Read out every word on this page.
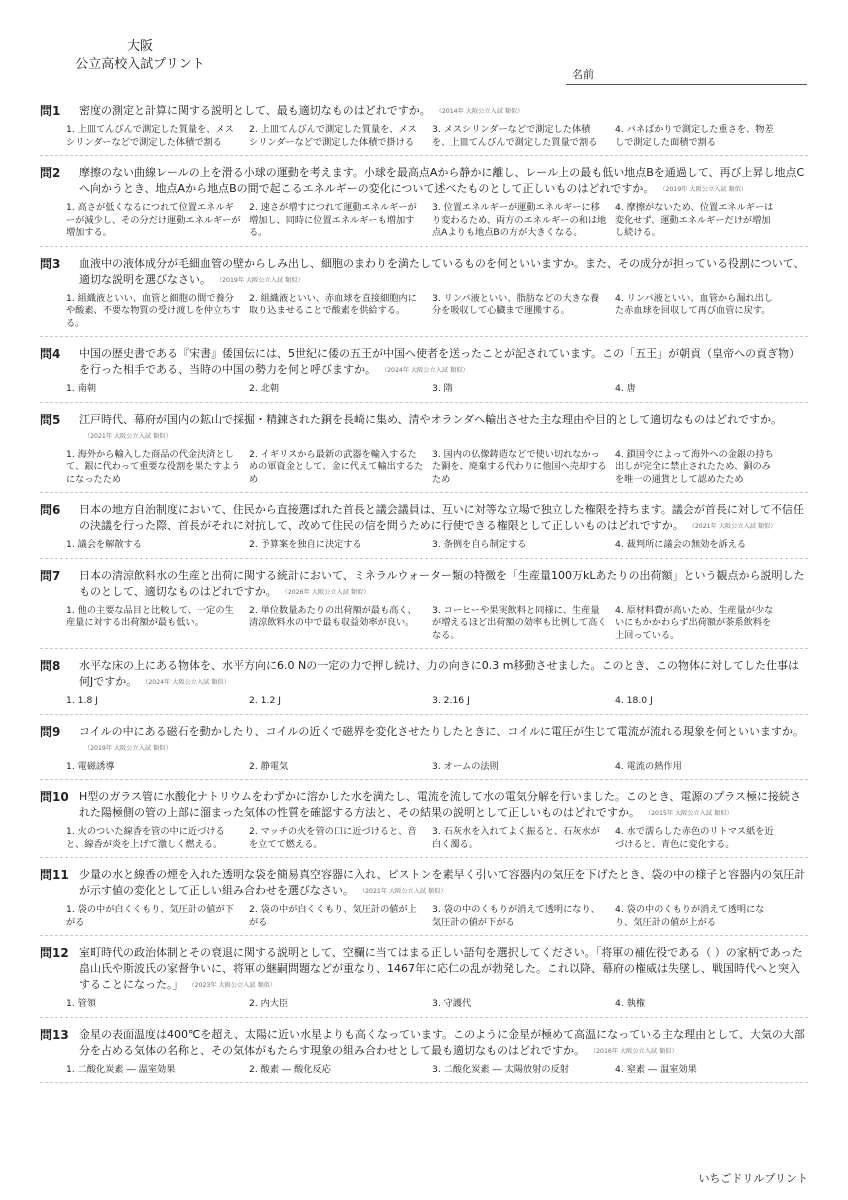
大阪
公立高校入試プリント
名前
問1	密度の測定と計算に関する説明として、最も適切なものはどれですか。 （2014年 大阪公立入試 類似）
1. 上皿てんびんで測定した質量を、メスシリンダーなどで測定した体積で割る
2. 上皿てんびんで測定した質量を、メスシリンダーなどで測定した体積で掛ける
3. メスシリンダーなどで測定した体積を、上皿てんびんで測定した質量で割る
4. バネばかりで測定した重さを、物差しで測定した面積で割る
問2	摩擦のない曲線レールの上を滑る小球の運動を考えます。小球を最高点Aから静かに離し、レール上の最も低い地点Bを通過して、再び上昇し地点Cへ向かうとき、地点Aから地点Bの間で起こるエネルギーの変化について述べたものとして正しいものはどれですか。 （2019年 大阪公立入試 類似）
1. 高さが低くなるにつれて位置エネルギーが減少し、その分だけ運動エネルギーが増加する。
2. 速さが増すにつれて運動エネルギーが増加し、同時に位置エネルギーも増加する。
3. 位置エネルギーが運動エネルギーに移り変わるため、両方のエネルギーの和は地点Aよりも地点Bの方が大きくなる。
4. 摩擦がないため、位置エネルギーは変化せず、運動エネルギーだけが増加し続ける。
問3	血液中の液体成分が毛細血管の壁からしみ出し、細胞のまわりを満たしているものを何といいますか。また、その成分が担っている役割について、適切な説明を選びなさい。 （2019年 大阪公立入試 類似）
1. 組織液といい、血管と細胞の間で養分や酸素、不要な物質の受け渡しを仲立ちする。
2. 組織液といい、赤血球を直接細胞内に取り込ませることで酸素を供給する。
3. リンパ液といい、脂肪などの大きな養分を吸収して心臓まで運搬する。
4. リンパ液といい、血管から漏れ出した赤血球を回収して再び血管に戻す。
問4	中国の歴史書である『宋書』倭国伝には、5世紀に倭の五王が中国へ使者を送ったことが記されています。この「五王」が朝貢（皇帝への貢ぎ物）を行った相手である、当時の中国の勢力を何と呼びますか。 （2024年 大阪公立入試 類似）
1. 南朝	2. 北朝	3. 隋	4. 唐
問5	江戸時代、幕府が国内の鉱山で採掘・精錬された銅を長崎に集め、清やオランダへ輸出させた主な理由や目的として適切なものはどれですか。（2021年 大阪公立入試 類似）
1. 海外から輸入した商品の代金決済として、銀に代わって重要な役割を果たすようになったため
2. イギリスから最新の武器を輸入するための軍資金として、金に代えて輸出するため
3. 国内の仏像鋳造などで使い切れなかった銅を、廃棄する代わりに他国へ売却するため
4. 鎖国令によって海外への金銀の持ち出しが完全に禁止されたため、銅のみを唯一の通貨として認めたため
問6	日本の地方自治制度において、住民から直接選ばれた首長と議会議員は、互いに対等な立場で独立した権限を持ちます。議会が首長に対して不信任の決議を行った際、首長がそれに対抗して、改めて住民の信を問うために行使できる権限として正しいものはどれですか。 （2021年 大阪公立入試 類似）
1. 議会を解散する	2. 予算案を独自に決定する	3. 条例を自ら制定する	4. 裁判所に議会の無効を訴える
問7	日本の清涼飲料水の生産と出荷に関する統計において、ミネラルウォーター類の特徴を「生産量100万kLあたりの出荷額」という観点から説明したものとして、適切なものはどれですか。 （2026年 大阪公立入試 類似）
1. 他の主要な品目と比較して、一定の生産量に対する出荷額が最も低い。
2. 単位数量あたりの出荷額が最も高く、清涼飲料水の中で最も収益効率が良い。
3. コーヒーや果実飲料と同様に、生産量が増えるほど出荷額の効率も比例して高くなる。
4. 原材料費が高いため、生産量が少ないにもかかわらず出荷額が茶系飲料を上回っている。
問8	水平な床の上にある物体を、水平方向に6.0 Nの一定の力で押し続け、力の向きに0.3 m移動させました。このとき、この物体に対してした仕事は何Jですか。 （2024年 大阪公立入試 類似）
1. 1.8 J	2. 1.2 J	3. 2.16 J	4. 18.0 J
問9	コイルの中にある磁石を動かしたり、コイルの近くで磁界を変化させたりしたときに、コイルに電圧が生じて電流が流れる現象を何といいますか。（2019年 大阪公立入試 類似）
1. 電磁誘導	2. 静電気	3. オームの法則	4. 電流の熱作用
問10 H型のガラス管に水酸化ナトリウムをわずかに溶かした水を満たし、電流を流して水の電気分解を行いました。このとき、電源のプラス極に接続された陽極側の管の上部に溜まった気体の性質を確認する方法と、その結果の説明として正しいものはどれですか。 （2015年 大阪公立入試 類似）
1. 火のついた線香を管の中に近づけると、線香が炎を上げて激しく燃える。
2. マッチの火を管の口に近づけると、音を立てて燃える。
3. 石灰水を入れてよく振ると、石灰水が白く濁る。
4. 水で濡らした赤色のリトマス紙を近づけると、青色に変化する。
問11 少量の水と線香の煙を入れた透明な袋を簡易真空容器に入れ、ピストンを素早く引いて容器内の気圧を下げたとき、袋の中の様子と容器内の気圧計が示す値の変化として正しい組み合わせを選びなさい。 （2021年 大阪公立入試 類似）
1. 袋の中が白くくもり、気圧計の値が下がる
2. 袋の中が白くくもり、気圧計の値が上がる
3. 袋の中のくもりが消えて透明になり、気圧計の値が下がる
4. 袋の中のくもりが消えて透明になり、気圧計の値が上がる
問12 室町時代の政治体制とその衰退に関する説明として、空欄に当てはまる正しい語句を選択してください。「将軍の補佐役である（ ）の家柄であった畠山氏や斯波氏の家督争いに、将軍の継嗣問題などが重なり、1467年に応仁の乱が勃発した。これ以降、幕府の権威は失墜し、戦国時代へと突入することになった。」 （2023年 大阪公立入試 類似）
1. 管領	2. 内大臣	3. 守護代	4. 執権
問13 金星の表面温度は400℃を超え、太陽に近い水星よりも高くなっています。このように金星が極めて高温になっている主な理由として、大気の大部分を占める気体の名称と、その気体がもたらす現象の組み合わせとして最も適切なものはどれですか。 （2016年 大阪公立入試 類似）
1. 二酸化炭素 ― 温室効果	2. 酸素 ― 酸化反応	3. 二酸化炭素 ― 太陽放射の反射	4. 窒素 ― 温室効果
いちごドリルプリント
